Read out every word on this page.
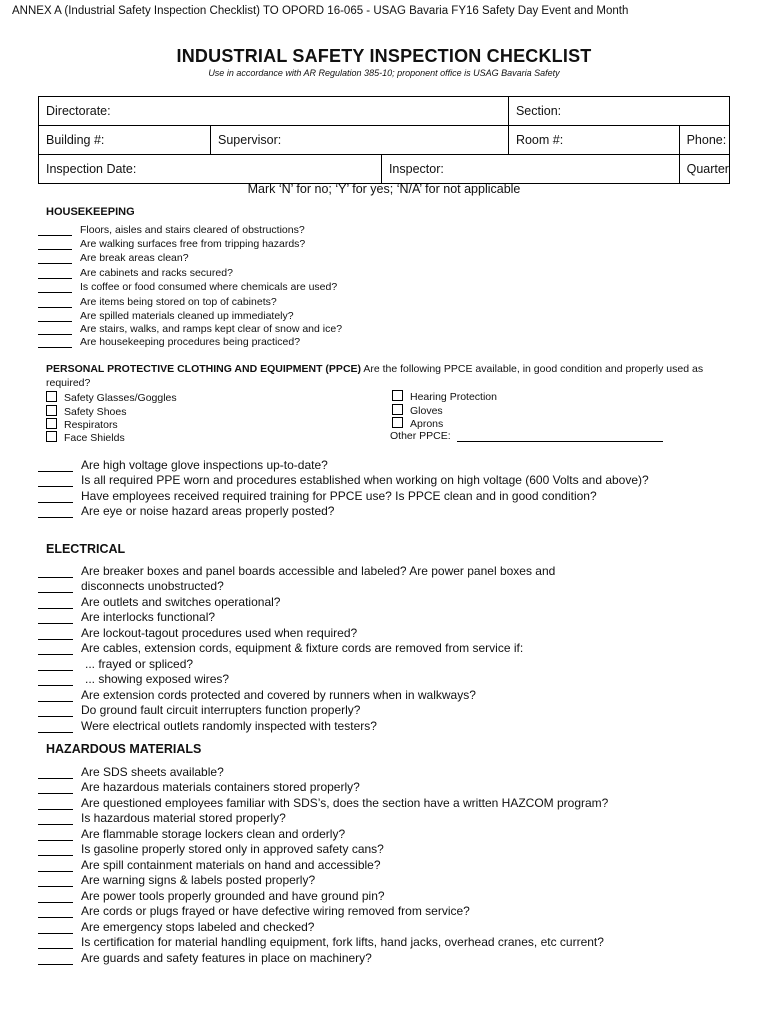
ANNEX A (Industrial Safety Inspection Checklist) TO OPORD 16-065 - USAG Bavaria FY16 Safety Day Event and Month
INDUSTRIAL SAFETY INSPECTION CHECKLIST
Use in accordance with AR Regulation 385-10; proponent office is USAG Bavaria Safety
Directorate:			Section:	
Building #:	Supervisor:		Room #:	Phone:
Inspection Date:		Inspector:		Quarter
Mark ‘N’ for no; ‘Y’ for yes; ‘N/A’ for not applicable
HOUSEKEEPING
Floors, aisles and stairs cleared of obstructions?
Are walking surfaces free from tripping hazards?
Are break areas clean?
Are cabinets and racks secured?
Is coffee or food consumed where chemicals are used?
Are items being stored on top of cabinets?
Are spilled materials cleaned up immediately?
Are stairs, walks, and ramps kept clear of snow and ice?
Are housekeeping procedures being practiced?
PERSONAL PROTECTIVE CLOTHING AND EQUIPMENT (PPCE) Are the following PPCE available, in good condition and properly used as required?
Safety Glasses/Goggles
Safety Shoes
Respirators
Face Shields
Hearing Protection
Gloves
Aprons
Other PPCE:
Are high voltage glove inspections up-to-date?
Is all required PPE worn and procedures established when working on high voltage (600 Volts and above)?
Have employees received required training for PPCE use? Is PPCE clean and in good condition?
Are eye or noise hazard areas properly posted?
ELECTRICAL
Are breaker boxes and panel boards accessible and labeled? Are power panel boxes and
disconnects unobstructed?
Are outlets and switches operational?
Are interlocks functional?
Are lockout-tagout procedures used when required?
Are cables, extension cords, equipment & fixture cords are removed from service if:
... frayed or spliced?
... showing exposed wires?
Are extension cords protected and covered by runners when in walkways?
Do ground fault circuit interrupters function properly?
Were electrical outlets randomly inspected with testers?
HAZARDOUS MATERIALS
Are SDS sheets available?
Are hazardous materials containers stored properly?
Are questioned employees familiar with SDS’s, does the section have a written HAZCOM program?
Is hazardous material stored properly?
Are flammable storage lockers clean and orderly?
Is gasoline properly stored only in approved safety cans?
Are spill containment materials on hand and accessible?
Are warning signs & labels posted properly?
Are power tools properly grounded and have ground pin?
Are cords or plugs frayed or have defective wiring removed from service?
Are emergency stops labeled and checked?
Is certification for material handling equipment, fork lifts, hand jacks, overhead cranes, etc current?
Are guards and safety features in place on machinery?
